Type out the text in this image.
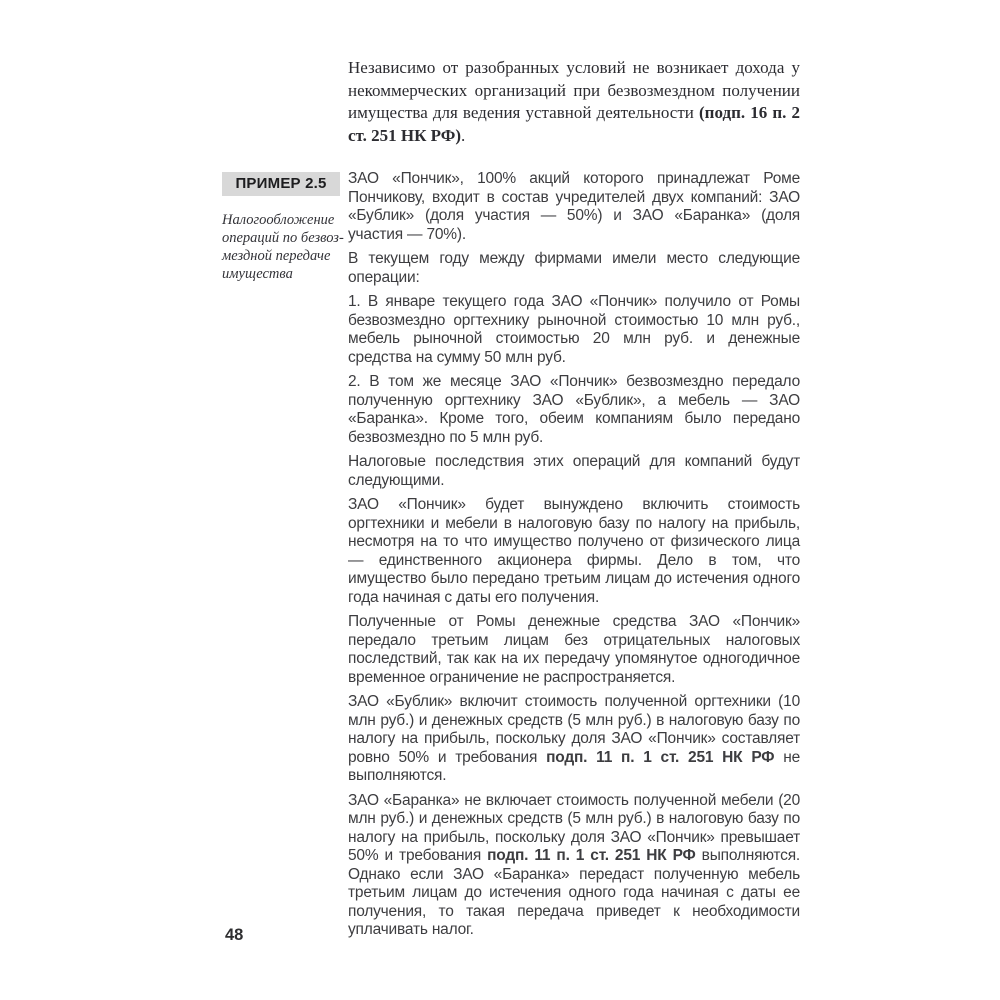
Независимо от разобранных условий не возникает дохода у некоммерческих организаций при безвозмездном получении имущества для ведения уставной деятельности (подп. 16 п. 2 ст. 251 НК РФ).

ПРИМЕР 2.5
Налогообложение
операций по безвоз-
мездной передаче
имущества

ЗАО «Пончик», 100% акций которого принадлежат Роме Пончикову, входит в состав учредителей двух компаний: ЗАО «Бублик» (доля участия — 50%) и ЗАО «Баранка» (доля участия — 70%).

В текущем году между фирмами имели место следующие операции:

1. В январе текущего года ЗАО «Пончик» получило от Ромы безвозмездно оргтехнику рыночной стоимостью 10 млн руб., мебель рыночной стоимостью 20 млн руб. и денежные средства на сумму 50 млн руб.

2. В том же месяце ЗАО «Пончик» безвозмездно передало полученную оргтехнику ЗАО «Бублик», а мебель — ЗАО «Баранка». Кроме того, обеим компаниям было передано безвозмездно по 5 млн руб.

Налоговые последствия этих операций для компаний будут следующими.

ЗАО «Пончик» будет вынуждено включить стоимость оргтехники и мебели в налоговую базу по налогу на прибыль, несмотря на то что имущество получено от физического лица — единственного акционера фирмы. Дело в том, что имущество было передано третьим лицам до истечения одного года начиная с даты его получения.

Полученные от Ромы денежные средства ЗАО «Пончик» передало третьим лицам без отрицательных налоговых последствий, так как на их передачу упомянутое одногодичное временное ограничение не распространяется.

ЗАО «Бублик» включит стоимость полученной оргтехники (10 млн руб.) и денежных средств (5 млн руб.) в налоговую базу по налогу на прибыль, поскольку доля ЗАО «Пончик» составляет ровно 50% и требования подп. 11 п. 1 ст. 251 НК РФ не выполняются.

ЗАО «Баранка» не включает стоимость полученной мебели (20 млн руб.) и денежных средств (5 млн руб.) в налоговую базу по налогу на прибыль, поскольку доля ЗАО «Пончик» превышает 50% и требования подп. 11 п. 1 ст. 251 НК РФ выполняются. Однако если ЗАО «Баранка» передаст полученную мебель третьим лицам до истечения одного года начиная с даты ее получения, то такая передача приведет к необходимости уплачивать налог.

48
